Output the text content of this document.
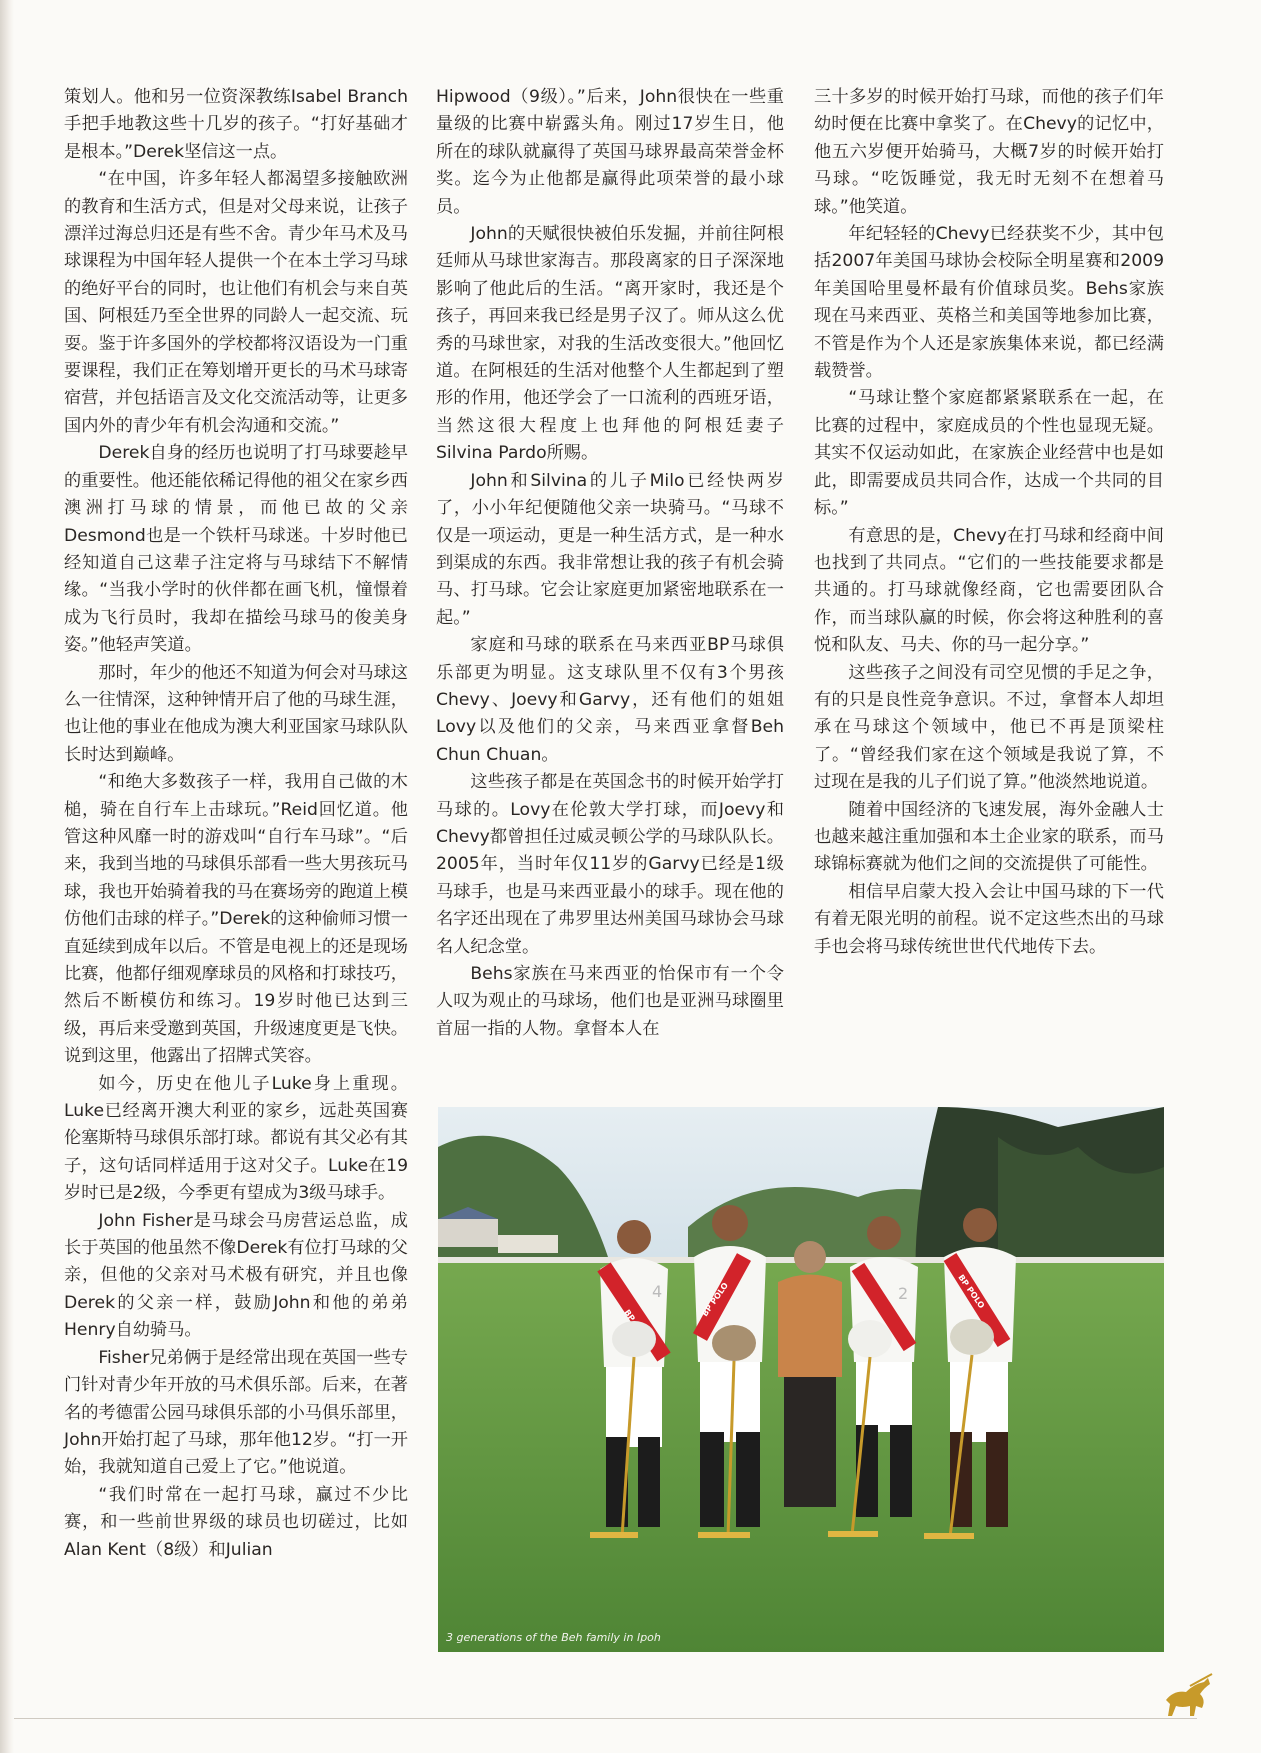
策划人。他和另一位资深教练Isabel Branch手把手地教这些十几岁的孩子。“打好基础才是根本。”Derek坚信这一点。

“在中国，许多年轻人都渴望多接触欧洲的教育和生活方式，但是对父母来说，让孩子漂洋过海总归还是有些不舍。青少年马术及马球课程为中国年轻人提供一个在本土学习马球的绝好平台的同时，也让他们有机会与来自英国、阿根廷乃至全世界的同龄人一起交流、玩耍。鉴于许多国外的学校都将汉语设为一门重要课程，我们正在筹划增开更长的马术马球寄宿营，并包括语言及文化交流活动等，让更多国内外的青少年有机会沟通和交流。”

Derek自身的经历也说明了打马球要趁早的重要性。他还能依稀记得他的祖父在家乡西澳洲打马球的情景，而他已故的父亲Desmond也是一个铁杆马球迷。十岁时他已经知道自己这辈子注定将与马球结下不解情缘。“当我小学时的伙伴都在画飞机，憧憬着成为飞行员时，我却在描绘马球马的俊美身姿。”他轻声笑道。

那时，年少的他还不知道为何会对马球这么一往情深，这种钟情开启了他的马球生涯，也让他的事业在他成为澳大利亚国家马球队队长时达到巅峰。

“和绝大多数孩子一样，我用自己做的木槌，骑在自行车上击球玩。”Reid回忆道。他管这种风靡一时的游戏叫“自行车马球”。“后来，我到当地的马球俱乐部看一些大男孩玩马球，我也开始骑着我的马在赛场旁的跑道上模仿他们击球的样子。”Derek的这种偷师习惯一直延续到成年以后。不管是电视上的还是现场比赛，他都仔细观摩球员的风格和打球技巧，然后不断模仿和练习。19岁时他已达到三级，再后来受邀到英国，升级速度更是飞快。说到这里，他露出了招牌式笑容。

如今，历史在他儿子Luke身上重现。Luke已经离开澳大利亚的家乡，远赴英国赛伦塞斯特马球俱乐部打球。都说有其父必有其子，这句话同样适用于这对父子。Luke在19岁时已是2级，今季更有望成为3级马球手。

John Fisher是马球会马房营运总监，成长于英国的他虽然不像Derek有位打马球的父亲，但他的父亲对马术极有研究，并且也像Derek的父亲一样，鼓励John和他的弟弟Henry自幼骑马。

Fisher兄弟俩于是经常出现在英国一些专门针对青少年开放的马术俱乐部。后来，在著名的考德雷公园马球俱乐部的小马俱乐部里，John开始打起了马球，那年他12岁。“打一开始，我就知道自己爱上了它。”他说道。

“我们时常在一起打马球，赢过不少比赛，和一些前世界级的球员也切磋过，比如Alan Kent（8级）和Julian

Hipwood（9级）。”后来，John很快在一些重量级的比赛中崭露头角。刚过17岁生日，他所在的球队就赢得了英国马球界最高荣誉金杯奖。迄今为止他都是赢得此项荣誉的最小球员。

John的天赋很快被伯乐发掘，并前往阿根廷师从马球世家海吉。那段离家的日子深深地影响了他此后的生活。“离开家时，我还是个孩子，再回来我已经是男子汉了。师从这么优秀的马球世家，对我的生活改变很大。”他回忆道。在阿根廷的生活对他整个人生都起到了塑形的作用，他还学会了一口流利的西班牙语，当然这很大程度上也拜他的阿根廷妻子Silvina Pardo所赐。

John和Silvina的儿子Milo已经快两岁了，小小年纪便随他父亲一块骑马。“马球不仅是一项运动，更是一种生活方式，是一种水到渠成的东西。我非常想让我的孩子有机会骑马、打马球。它会让家庭更加紧密地联系在一起。”

家庭和马球的联系在马来西亚BP马球俱乐部更为明显。这支球队里不仅有3个男孩Chevy、Joevy和Garvy，还有他们的姐姐Lovy以及他们的父亲，马来西亚拿督Beh Chun Chuan。

这些孩子都是在英国念书的时候开始学打马球的。Lovy在伦敦大学打球，而Joevy和Chevy都曾担任过威灵顿公学的马球队队长。2005年，当时年仅11岁的Garvy已经是1级马球手，也是马来西亚最小的球手。现在他的名字还出现在了弗罗里达州美国马球协会马球名人纪念堂。

Behs家族在马来西亚的怡保市有一个令人叹为观止的马球场，他们也是亚洲马球圈里首屈一指的人物。拿督本人在

三十多岁的时候开始打马球，而他的孩子们年幼时便在比赛中拿奖了。在Chevy的记忆中，他五六岁便开始骑马，大概7岁的时候开始打马球。“吃饭睡觉，我无时无刻不在想着马球。”他笑道。

年纪轻轻的Chevy已经获奖不少，其中包括2007年美国马球协会校际全明星赛和2009年美国哈里曼杯最有价值球员奖。Behs家族现在马来西亚、英格兰和美国等地参加比赛，不管是作为个人还是家族集体来说，都已经满载赞誉。

“马球让整个家庭都紧紧联系在一起，在比赛的过程中，家庭成员的个性也显现无疑。其实不仅运动如此，在家族企业经营中也是如此，即需要成员共同合作，达成一个共同的目标。”

有意思的是，Chevy在打马球和经商中间也找到了共同点。“它们的一些技能要求都是共通的。打马球就像经商，它也需要团队合作，而当球队赢的时候，你会将这种胜利的喜悦和队友、马夫、你的马一起分享。”

这些孩子之间没有司空见惯的手足之争，有的只是良性竞争意识。不过，拿督本人却坦承在马球这个领域中，他已不再是顶梁柱了。“曾经我们家在这个领域是我说了算，不过现在是我的儿子们说了算。”他淡然地说道。

随着中国经济的飞速发展，海外金融人士也越来越注重加强和本土企业家的联系，而马球锦标赛就为他们之间的交流提供了可能性。

相信早启蒙大投入会让中国马球的下一代有着无限光明的前程。说不定这些杰出的马球手也会将马球传统世世代代地传下去。

4	BP POLO	2	BP POLO
3 generations of the Beh family in Ipoh
